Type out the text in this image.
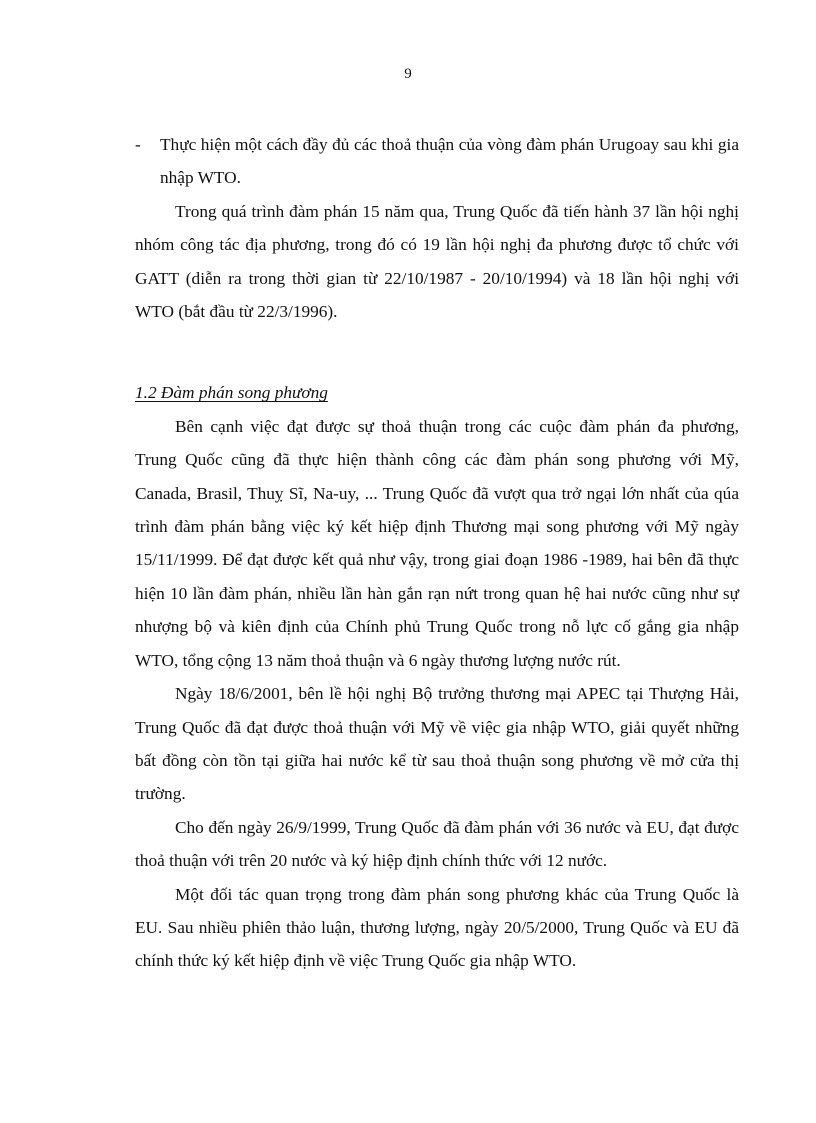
9
- Thực hiện một cách đầy đủ các thoả thuận của vòng đàm phán Urugoay sau khi gia nhập WTO.

Trong quá trình đàm phán 15 năm qua, Trung Quốc đã tiến hành 37 lần hội nghị nhóm công tác địa phương, trong đó có 19 lần hội nghị đa phương được tổ chức với GATT (diễn ra trong thời gian từ 22/10/1987 - 20/10/1994) và 18 lần hội nghị với WTO (bắt đầu từ 22/3/1996).

1.2 Đàm phán song phương

Bên cạnh việc đạt được sự thoả thuận trong các cuộc đàm phán đa phương, Trung Quốc cũng đã thực hiện thành công các đàm phán song phương với Mỹ, Canada, Brasil, Thuỵ Sĩ, Na-uy, ... Trung Quốc đã vượt qua trở ngại lớn nhất của qúa trình đàm phán bằng việc ký kết hiệp định Thương mại song phương với Mỹ ngày 15/11/1999. Để đạt được kết quả như vậy, trong giai đoạn 1986 -1989, hai bên đã thực hiện 10 lần đàm phán, nhiều lần hàn gắn rạn nứt trong quan hệ hai nước cũng như sự nhượng bộ và kiên định của Chính phủ Trung Quốc trong nỗ lực cố gắng gia nhập WTO, tổng cộng 13 năm thoả thuận và 6 ngày thương lượng nước rút.

Ngày 18/6/2001, bên lề hội nghị Bộ trưởng thương mại APEC tại Thượng Hải, Trung Quốc đã đạt được thoả thuận với Mỹ về việc gia nhập WTO, giải quyết những bất đồng còn tồn tại giữa hai nước kể từ sau thoả thuận song phương về mở cửa thị trường.

Cho đến ngày 26/9/1999, Trung Quốc đã đàm phán với 36 nước và EU, đạt được thoả thuận với trên 20 nước và ký hiệp định chính thức với 12 nước.

Một đối tác quan trọng trong đàm phán song phương khác của Trung Quốc là EU. Sau nhiều phiên thảo luận, thương lượng, ngày 20/5/2000, Trung Quốc và EU đã chính thức ký kết hiệp định về việc Trung Quốc gia nhập WTO.
